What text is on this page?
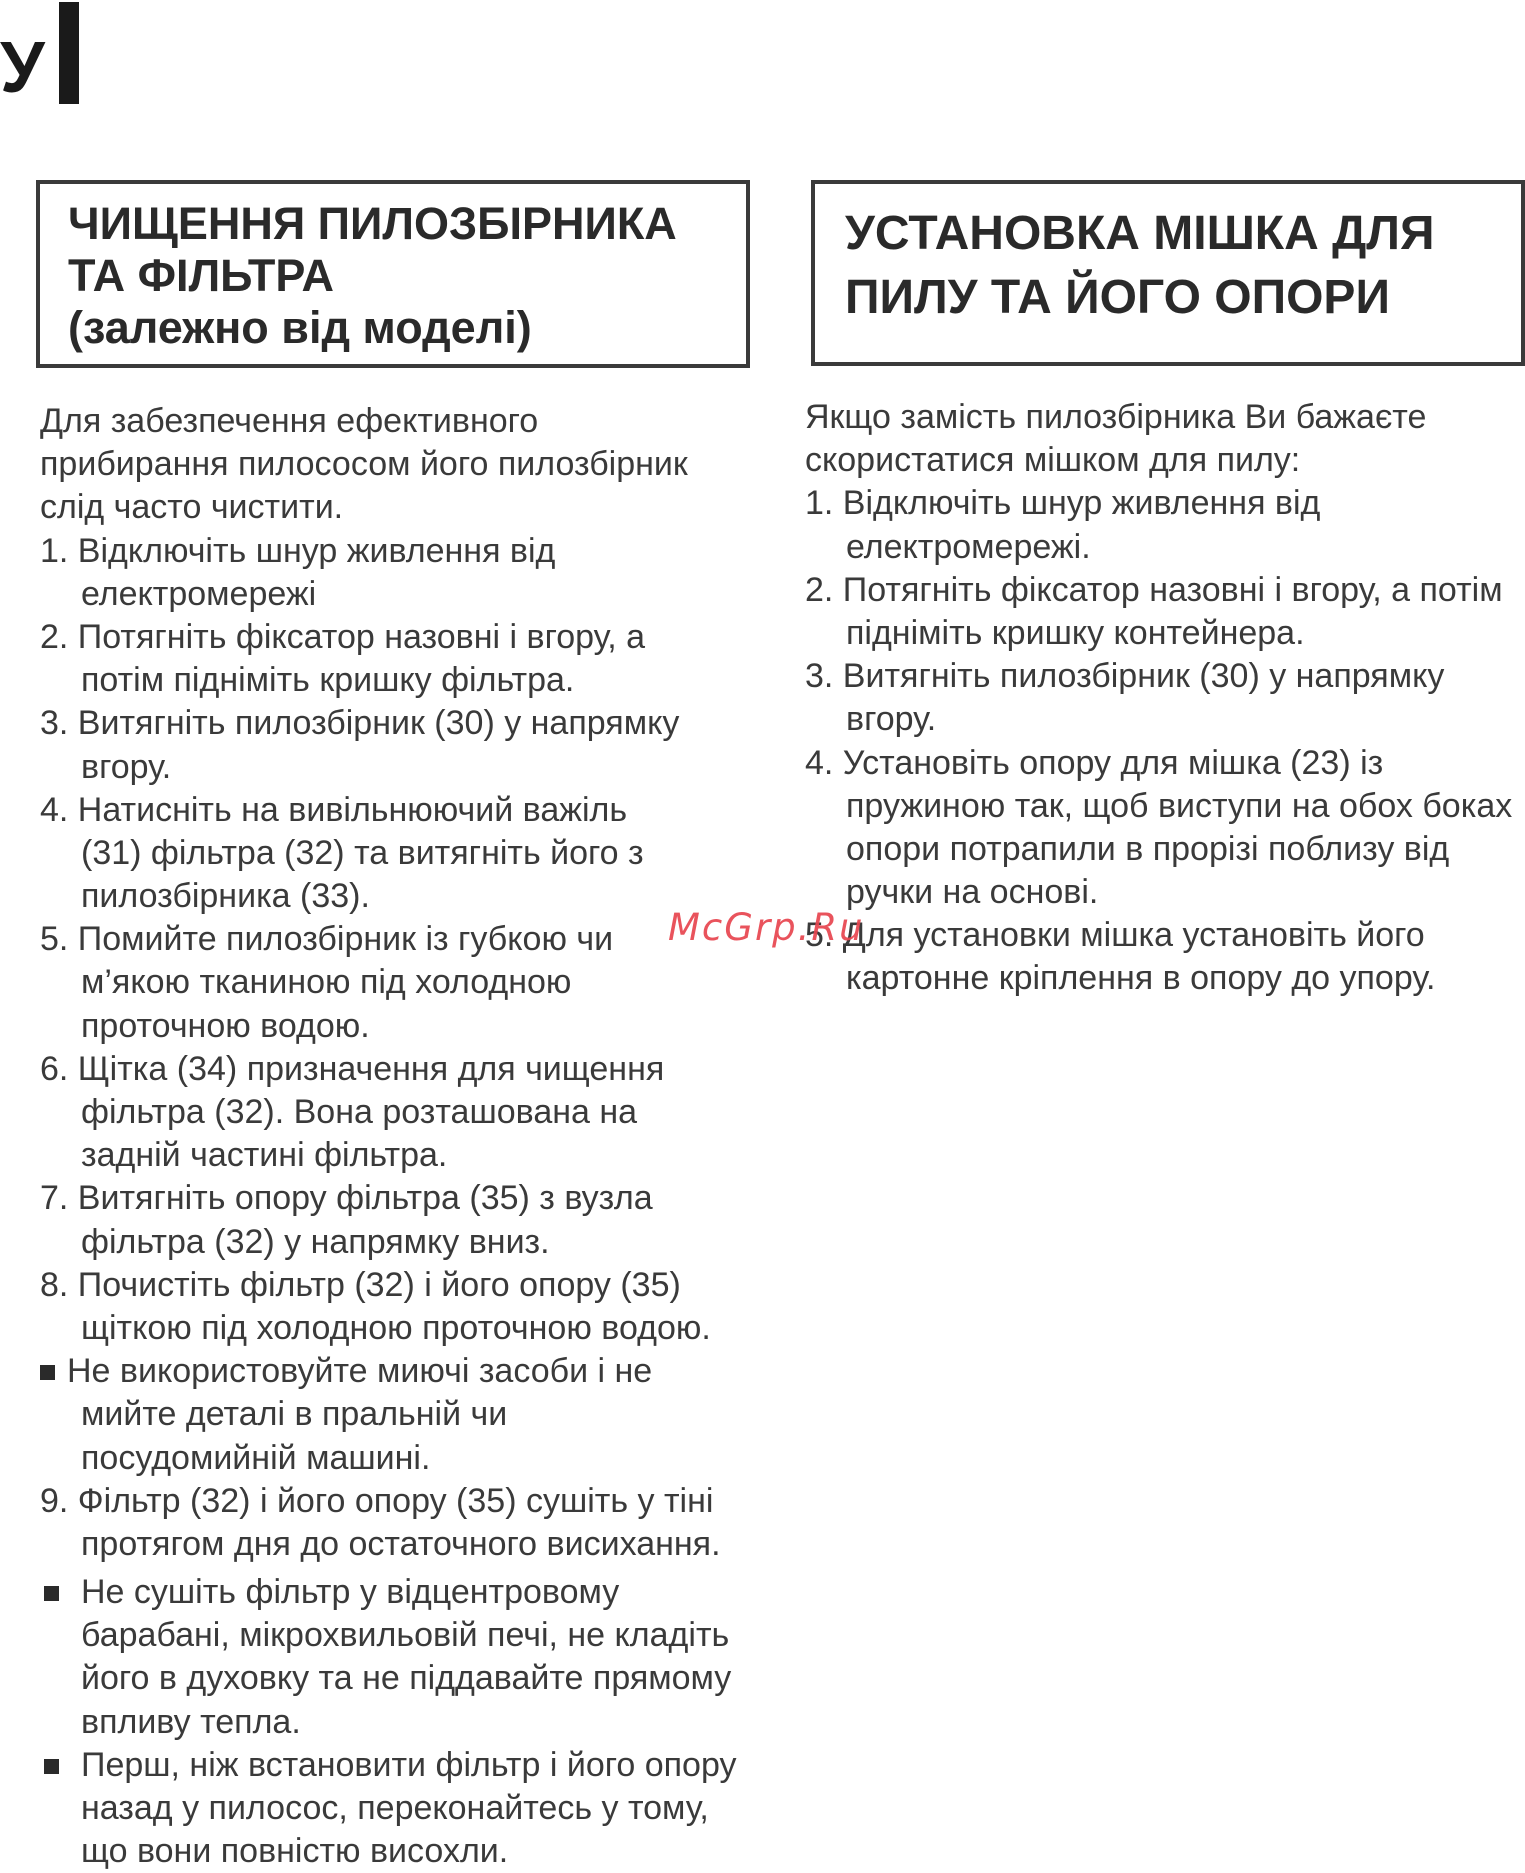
У
ЧИЩЕННЯ ПИЛОЗБІРНИКА
ТА ФІЛЬТРА
(залежно від моделі)
УСТАНОВКА МІШКА ДЛЯ
ПИЛУ ТА ЙОГО ОПОРИ
Для забезпечення ефективного
прибирання пилососом його пилозбірник
слід часто чистити.
1. Відключіть шнур живлення від
електромережі
2. Потягніть фіксатор назовні і вгору, а
потім підніміть кришку фільтра.
3. Витягніть пилозбірник (30) у напрямку
вгору.
4. Натисніть на вивільнюючий важіль
(31) фільтра (32) та витягніть його з
пилозбірника (33).
5. Помийте пилозбірник із губкою чи
м’якою тканиною під холодною
проточною водою.
6. Щітка (34) призначення для чищення
фільтра (32). Вона розташована на
задній частині фільтра.
7. Витягніть опору фільтра (35) з вузла
фільтра (32) у напрямку вниз.
8. Почистіть фільтр (32) і його опору (35)
щіткою під холодною проточною водою.
Не використовуйте миючі засоби і не
мийте деталі в пральній чи
посудомийній машині.
9. Фільтр (32) і його опору (35) сушіть у тіні
протягом дня до остаточного висихання.
Не сушіть фільтр у відцентровому
барабані, мікрохвильовій печі, не кладіть
його в духовку та не піддавайте прямому
впливу тепла.
Перш, ніж встановити фільтр і його опору
назад у пилосос, переконайтесь у тому,
що вони повністю висохли.
Якщо замість пилозбірника Ви бажаєте
скористатися мішком для пилу:
1. Відключіть шнур живлення від
електромережі.
2. Потягніть фіксатор назовні і вгору, а потім
підніміть кришку контейнера.
3. Витягніть пилозбірник (30) у напрямку
вгору.
4. Установіть опору для мішка (23) із
пружиною так, щоб виступи на обох боках
опори потрапили в прорізі поблизу від
ручки на основі.
5. Для установки мішка установіть його
картонне кріплення в опору до упору.
McGrp.Ru
